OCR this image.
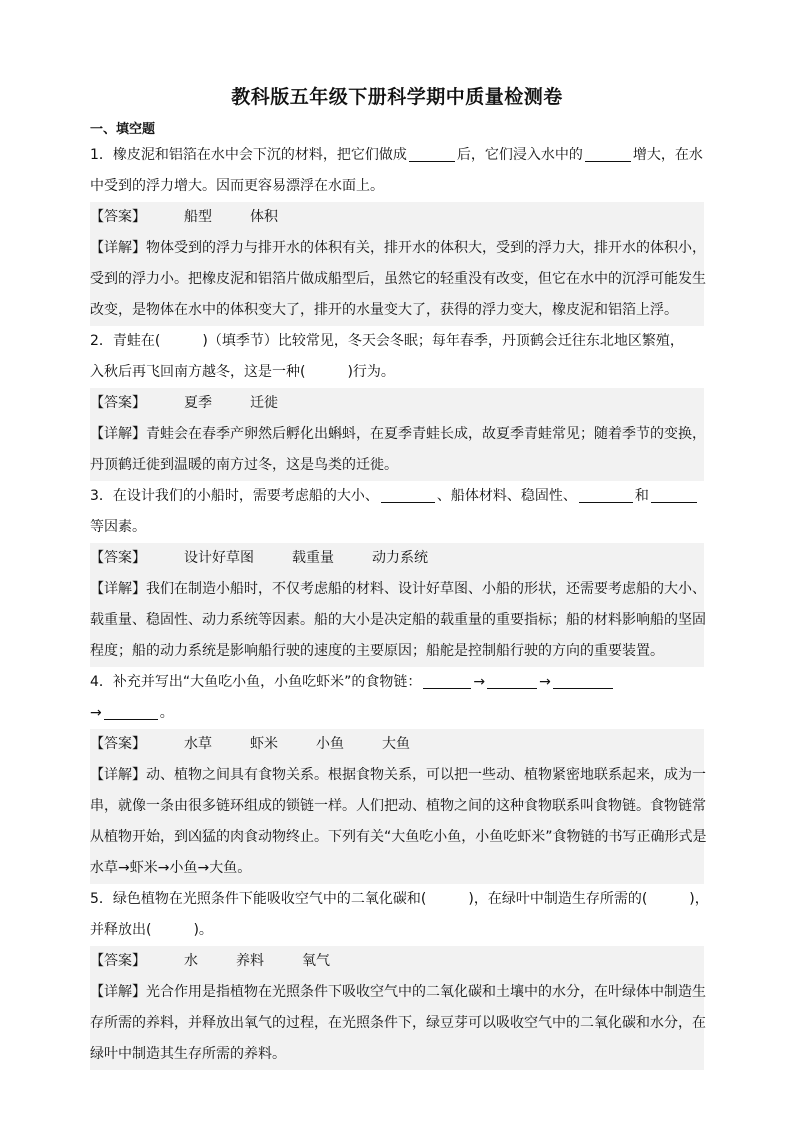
教科版五年级下册科学期中质量检测卷
一、填空题
1．橡皮泥和铝箔在水中会下沉的材料，把它们做成	后，它们浸入水中的	增大，在水
中受到的浮力增大。因而更容易漂浮在水面上。
【答案】	船型	体积
【详解】物体受到的浮力与排开水的体积有关，排开水的体积大，受到的浮力大，排开水的体积小，
受到的浮力小。把橡皮泥和铝箔片做成船型后，虽然它的轻重没有改变，但它在水中的沉浮可能发生
改变，是物体在水中的体积变大了，排开的水量变大了，获得的浮力变大，橡皮泥和铝箔上浮。
2．青蛙在(　　　)（填季节）比较常见，冬天会冬眠；每年春季，丹顶鹤会迁往东北地区繁殖，
入秋后再飞回南方越冬，这是一种(　　　)行为。
【答案】	夏季	迁徙
【详解】青蛙会在春季产卵然后孵化出蝌蚪，在夏季青蛙长成，故夏季青蛙常见；随着季节的变换，
丹顶鹤迁徙到温暖的南方过冬，这是鸟类的迁徙。
3．在设计我们的小船时，需要考虑船的大小、	、船体材料、稳固性、	和
等因素。
【答案】	设计好草图	载重量	动力系统
【详解】我们在制造小船时，不仅考虑船的材料、设计好草图、小船的形状，还需要考虑船的大小、
载重量、稳固性、动力系统等因素。船的大小是决定船的载重量的重要指标；船的材料影响船的坚固
程度；船的动力系统是影响船行驶的速度的主要原因；船舵是控制船行驶的方向的重要装置。
4．补充并写出“大鱼吃小鱼，小鱼吃虾米”的食物链：	→	→
→	。
【答案】	水草	虾米	小鱼	大鱼
【详解】动、植物之间具有食物关系。根据食物关系，可以把一些动、植物紧密地联系起来，成为一
串，就像一条由很多链环组成的锁链一样。人们把动、植物之间的这种食物联系叫食物链。食物链常
从植物开始，到凶猛的肉食动物终止。下列有关“大鱼吃小鱼，小鱼吃虾米”食物链的书写正确形式是
水草→虾米→小鱼→大鱼。
5．绿色植物在光照条件下能吸收空气中的二氧化碳和(　　　)，在绿叶中制造生存所需的(　　　)，
并释放出(　　　)。
【答案】	水	养料	氧气
【详解】光合作用是指植物在光照条件下吸收空气中的二氧化碳和土壤中的水分，在叶绿体中制造生
存所需的养料，并释放出氧气的过程，在光照条件下，绿豆芽可以吸收空气中的二氧化碳和水分，在
绿叶中制造其生存所需的养料。
